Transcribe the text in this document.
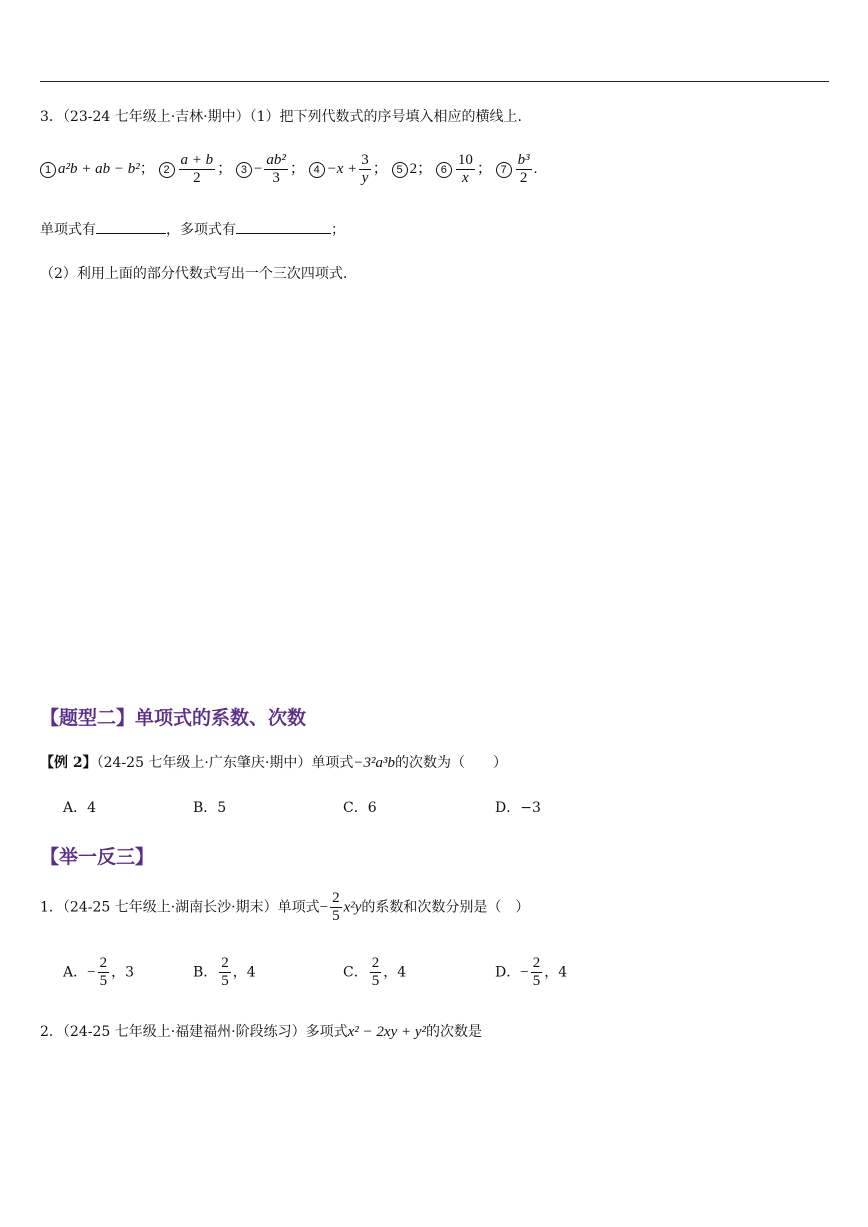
3．（23-24 七年级上·吉林·期中）（1）把下列代数式的序号填入相应的横线上.
1 a²b + ab − b²； $2 \frac{a + b}{2}$ ； $3 - \frac{\text{ab²}}{3}$ ； $4 -x + \frac{3}{y}$ ； 5 2； $6 \frac{10}{x}$ ； $7 \frac{\text{b³}}{2}$ .
单项式有	，多项式有	；
（2）利用上面的部分代数式写出一个三次四项式.
【题型二】单项式的系数、次数
【例 2】（24-25 七年级上·广东肇庆·期中）单项式−3²a³b的次数为（　　）
A．4	B．5	C．6	D．−3
【举一反三】
1．（24-25 七年级上·湖南长沙·期末）单项式− $\frac{2}{5} x^2y$的系数和次数分别是（　）
A．− $\frac{2}{5}$ ，3	B． $\frac{2}{5}$ ，4	C． $\frac{2}{5}$ ，4	D．− $\frac{2}{5}$ ，4
2．（24-25 七年级上·福建福州·阶段练习）多项式x² − 2xy + y²的次数是
